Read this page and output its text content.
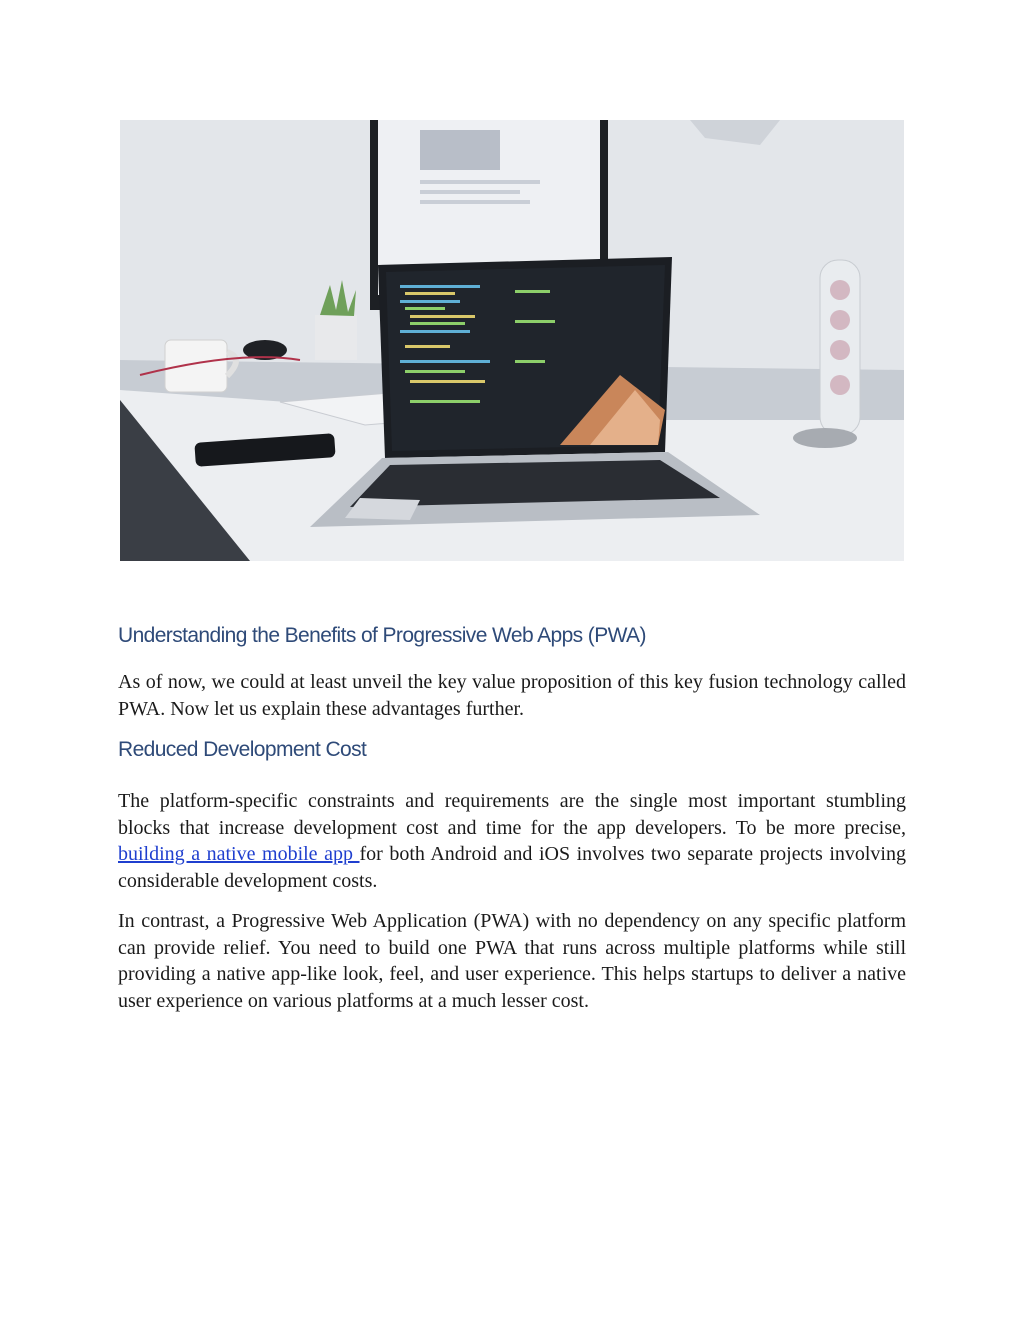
Understanding the Benefits of Progressive Web Apps (PWA)

As of now, we could at least unveil the key value proposition of this key fusion technology called PWA. Now let us explain these advantages further.

Reduced Development Cost

The platform-specific constraints and requirements are the single most important stumbling blocks that increase development cost and time for the app developers. To be more precise, building a native mobile app for both Android and iOS involves two separate projects involving considerable development costs.

In contrast, a Progressive Web Application (PWA) with no dependency on any specific platform can provide relief. You need to build one PWA that runs across multiple platforms while still providing a native app-like look, feel, and user experience. This helps startups to deliver a native user experience on various platforms at a much lesser cost.
